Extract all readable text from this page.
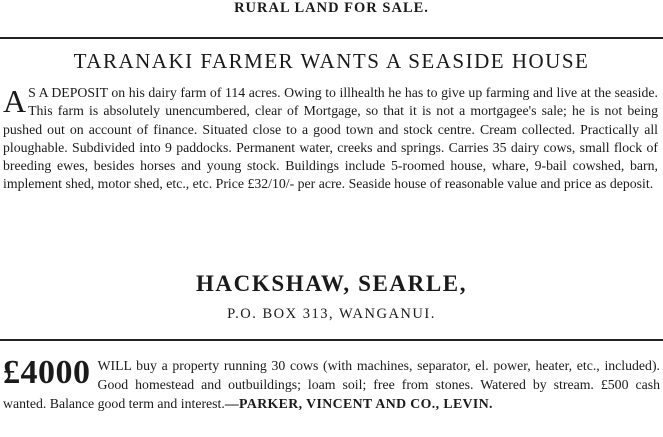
RURAL LAND FOR SALE.
TARANAKI FARMER WANTS A SEASIDE HOUSE
A S A DEPOSIT on his dairy farm of 114 acres. Owing to illhealth he has to give up farming and live at the seaside. This farm is absolutely unencumbered, clear of Mortgage, so that it is not a mortgagee's sale; he is not being pushed out on account of finance. Situated close to a good town and stock centre. Cream collected. Practically all ploughable. Subdivided into 9 paddocks. Permanent water, creeks and springs. Carries 35 dairy cows, small flock of breeding ewes, besides horses and young stock. Buildings include 5-roomed house, whare, 9-bail cowshed, barn, implement shed, motor shed, etc., etc. Price £32/10/- per acre. Seaside house of reasonable value and price as deposit.
HACKSHAW, SEARLE,
P.O. BOX 313, WANGANUI.
£4000 WILL buy a property running 30 cows (with machines, separator, el. power, heater, etc., included). Good homestead and outbuildings; loam soil; free from stones. Watered by stream. £500 cash wanted. Balance good term and interest.—PARKER, VINCENT AND CO., LEVIN.
